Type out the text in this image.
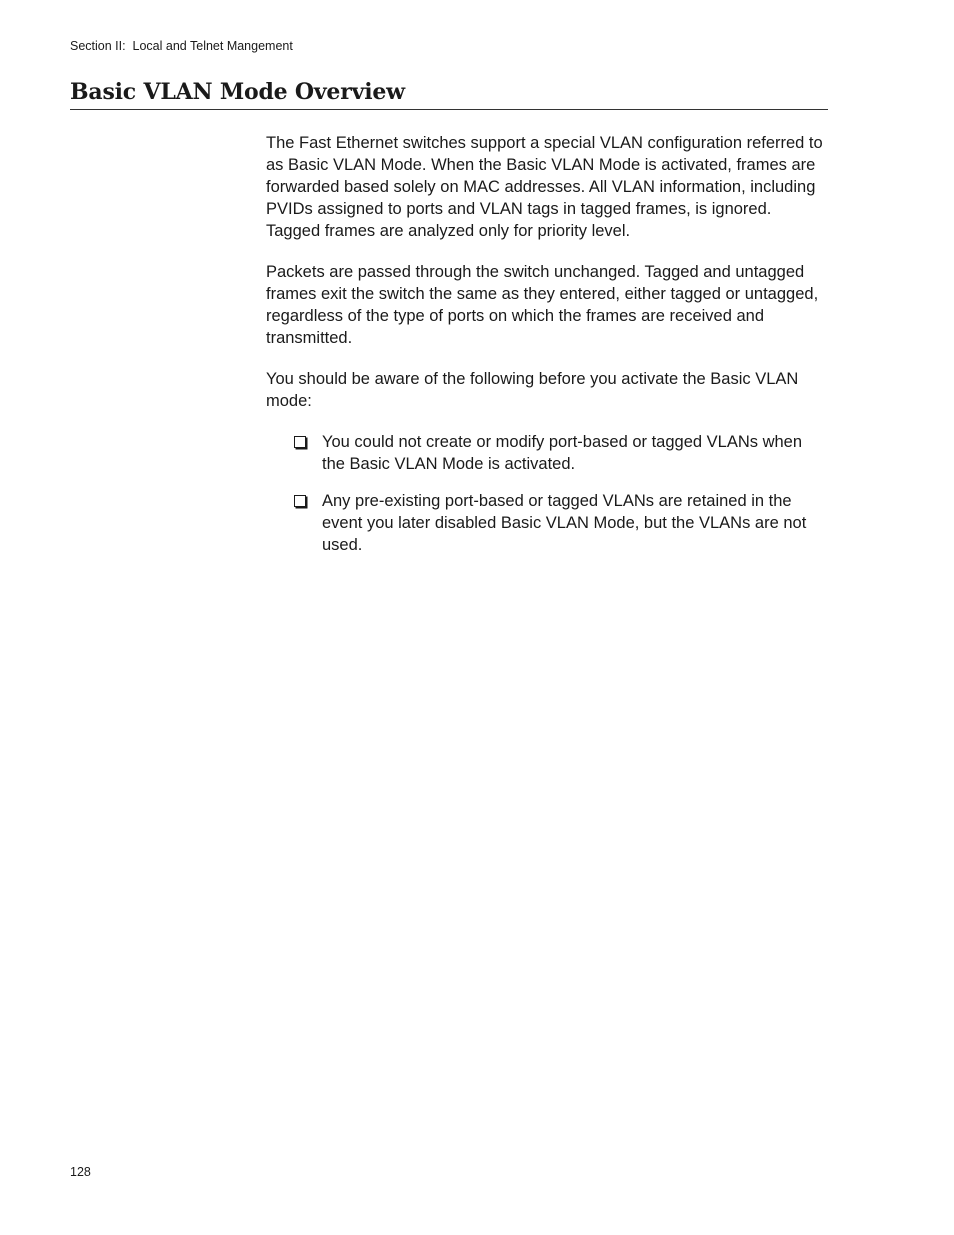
Section II:  Local and Telnet Mangement
Basic VLAN Mode Overview

The Fast Ethernet switches support a special VLAN configuration referred to as Basic VLAN Mode. When the Basic VLAN Mode is activated, frames are forwarded based solely on MAC addresses. All VLAN information, including PVIDs assigned to ports and VLAN tags in tagged frames, is ignored. Tagged frames are analyzed only for priority level.

Packets are passed through the switch unchanged. Tagged and untagged frames exit the switch the same as they entered, either tagged or untagged, regardless of the type of ports on which the frames are received and transmitted.

You should be aware of the following before you activate the Basic VLAN mode:

You could not create or modify port-based or tagged VLANs when the Basic VLAN Mode is activated.
Any pre-existing port-based or tagged VLANs are retained in the event you later disabled Basic VLAN Mode, but the VLANs are not used.
128
